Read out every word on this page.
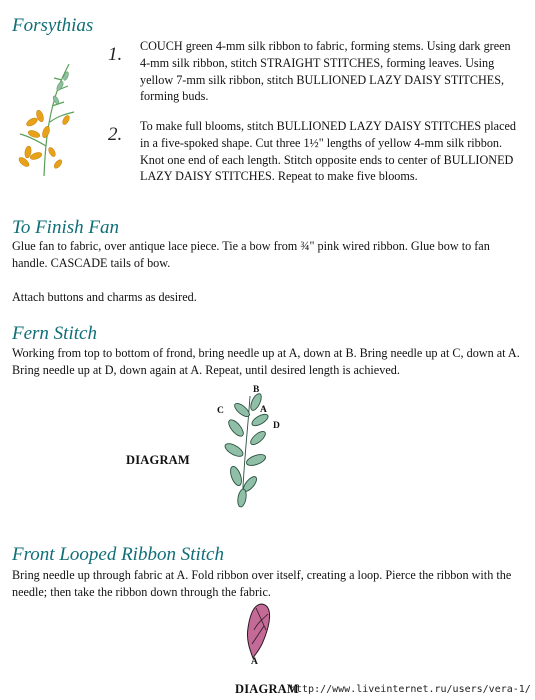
Forsythias
1. COUCH green 4-mm silk ribbon to fabric, forming stems. Using dark green 4-mm silk ribbon, stitch STRAIGHT STITCHES, forming leaves. Using yellow 7-mm silk ribbon, stitch BULLIONED LAZY DAISY STITCHES, forming buds.

2. To make full blooms, stitch BULLIONED LAZY DAISY STITCHES placed in a five-spoked shape. Cut three 1½" lengths of yellow 4-mm silk ribbon. Knot one end of each length. Stitch opposite ends to center of BULLIONED LAZY DAISY STITCHES. Repeat to make five blooms.

To Finish Fan

Glue fan to fabric, over antique lace piece. Tie a bow from ¾" pink wired ribbon. Glue bow to fan handle. CASCADE tails of bow.

Attach buttons and charms as desired.

Fern Stitch

Working from top to bottom of frond, bring needle up at A, down at B. Bring needle up at C, down at A. Bring needle up at D, down again at A. Repeat, until desired length is achieved.

DIAGRAM
B
C	A
D
Front Looped Ribbon Stitch

Bring needle up through fabric at A. Fold ribbon over itself, creating a loop. Pierce the ribbon with the needle; then take the ribbon down through the fabric.

A
DIAGRAM
http://www.liveinternet.ru/users/vera-1/
